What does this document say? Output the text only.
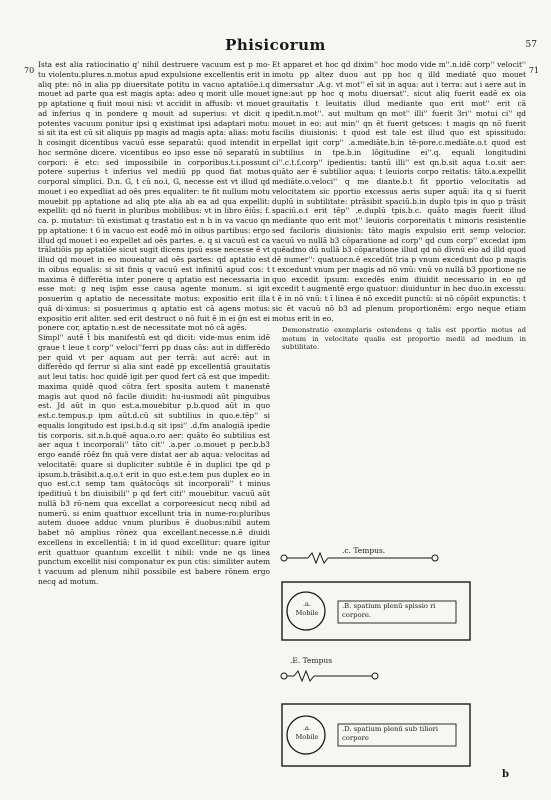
Phisicorum	57
70	71

Ista est alia ratiocinatio q' nihil destruere vacuum est p mo- tu violentu.plures.n.motus apud expulsione excellentis erit in aliq pte: nō in alia pp diuersitate potitu in vacuo aptatiōe.i.q mouet ad parte qua est magis apta: adeo q morit ulle mouet pp aptatione q fiuit moui nisi: vt accidit in affusib: vt mouet ad inferius q in pondere q mouit ad superius: vt dicit q potentes vacuum ponitur ipsi q existimat ipsi adaptari motu: si sit ita est cū sit aliquis pp magis ad magis apta: alias: motu h cosingit dicentibus vacuū esse separatū: quod intendit in hoc sermōne dicere. vicentibus eo ipso esse nō separatū in corpori: ē etc: sed impossibile in corporibus.t.i.possunt potere superius t inferius vel mediū pp quod fiat motus corporal simplici. D.n. G, t cū no.i, G, necesse est vt illud qd mouet i eo expedliat ad oēs pres equaliter: te fit nullum motu mouebit pp aptatione ad aliq pte alia ab ea ad qua expellit: expellit: qd nō fuerit in pluribus mobilibus: vt in libro ēiūs: f. ca. p. mutatur: tū existimat q trastatio est n h in va vacuo qn pp aptatione: t 6 in vacuo est eodē mō in oibus partibus: ergo illud qd mouet i eo expellet ad oēs partes. e. q si vacuū est ca trālatiōis pp aptatiōe sicut sugit dicens ipsū esse necesse ē vt illud qd mouet in eo moueatur ad oēs partes: qd aptatio est in oibus equalis: si sit finis q vacuū est infinitū apud cos: t maxima ē differētia inter ponere q aptatio est necessaria in esse mot: g neq isp̄m esse causa agente monum. si igit posuerim q aptatio de necessitate motus: expositio erit illa quā di-ximus: si posuerimus q aptatio est cā agens motus: expositio erit aliter. sed erit destruct o nō fuit ē in ei ḡn est ei ponere cor, aptatio n.est de necessitate mot nō cā agēs.

Simpl'' autē t̄ bis manifestū est qd dicit: vide-mus enim idē graue t leue t corp'' veloci''ferri pp duas cās: aut in differēdo per quid vt per aquam aut per terrā: aut acrē: aut in differēdo qd ferrur si alia sint eadē pp excellentiā grauitatis aut leui tatis: hoc quidē igit per quod fert cā est que impedit: maxima quidē quod cōtra fert sposita autem t manenstē magis aut quod nō facile diuidit: hu-iusmodi aūt pinguibus est. Jd aūt in quo est.a.mouebitur p.b.quod aūt in quo est.c.tempus.p ipm aūt.d.cū sit subtilius in quo.e.tēp'' si equalis longitudo est ipsi.b.d.q sit ipsi'' .d.fm analogiā ipedie tis corporis. sit.n.b.quē aqua.o.ro aer: quāto ēo subtilius est aer aqua t incorporali'' tāto cit'' .a.per .o.mouet p per.b.b3 ergo eandē rōēz fm quā vere distat aer ab aqua: velocitas ad velocitatē: quare si dupliciter subtile ē in duplici tpe qd p ipsum.b.trāsibit.a.q.o.t erit in quo est.e.tem pus duplex eo in quo est.c.t semp tam quātocūqs sit incorporali'' t minus ipeditiuū t bn diuisibili'' p qd fert citi'' mouebitur. vacuū aūt nullā b3 rō-nem qua excellat a corporeesicut necq nibil ad numerū. si enim quattuor excellunt tria in nume-ro:pluribus autem duoee adduc vnum pluribus ē duobus:nibil autem babet nō amplius rōnez qua excellant.necesse.n.ē diuidi excellens in excellentiā: t in id quod excellitur: quare igitur erit quattuor quantum excellit t nibil: vnde ne qs linea punctum excellit nisi componatur ex pun ctis: similiter autem t vacuum ad plenum nihil possibile est babere rōnem ergo necq ad motum.

Et apparet et hoc qd dixim'' hoc modo vide m''.n.idē corp'' velocit'' imotu pp altez duou aut pp hoc q illd mediatē quo mouet dimersatur .A.g. vt mot'' eī sit in aqua: aut i terra: aut i aere aut in igne:aut pp hoc q motu diuersat''. sicut aliq fuerit eadē ex oia grauitatis t leuitatis illud mediante quo erit mot'' erit cā ipedit.n.mot''. aut multum qn mot'' illi'' fuerit 3ri'' motui ci'' qd mouet in eo: aut min'' qn ēt fuerit getsces: t magis qn nō fuerit facilis diuisionis: t quod est tale est illud quo est spissitudo: erpellat igit corp'' .a.mediāte.b.in tē-pore.c.mediāte.o.t quod est subtilius in tpe.b.in lōgitudine ei''.q. equali longitudini ci''.c.t.f.corp'' ipedientis: tantū illi'' est qn.b.sit aqua t.o.sit aer: quāto aer ē subtilior aqua: t leuioris corpo reitatis: tāto.a.expellit mediāte.o.veloci'' q me diante.b.t fit pportio velocitatis ad velocitatem sic pportio excessus aeris super aquā: ita q si fuerit duplū in subtilitate: ptrāsibit spaciū.b.in duplo tpis in quo p trāsit spaciū.o.t erit tēp'' .e.duplū tpis.b.c. quāto magis fuerit illud mediante quo erit mot'' leuioris corporeitatis t minoris resistentie sed faciloris diuisionis: tāto magis expulsio erit semp velocior. vacuū vo nullā b3 cōparatione ad corp'' qd cum corp'' excedat ipm quēadmo dū nullā b3 cōparatione illud qd nō dīvnū eio ad illd quod dē numer'': quatuor.n.ē excedūt tria p vnum excedunt duo p magis t excedunt vnum per magis ad nō vnū: vnū vo nullā b3 pportione ne quo excedit ipsum: excedēs enim diuidit necessario in eo qd excedit t augmentē ergo quatuor: diuiduntur in hec duo.in excessu: t ē in nō vnū: t ī linea ē nō excedit punctū: si nō cōpōit expunctis: t sic ēt vacuū nō b3 ad plenum proportionēm: ergo neque etiam motus erit in eo.

Demonstratio exemplaris ostendens q talis est pportio motus ad motum in velocitate qualis est proportio medii ad medium in subtilitate.

.c. Tempus.
.a. Mobile
.B. spatium plenū spissio ri corpore.
.E. Tempus
.a. Mobile
.D. spatium plenū sub tiliori corpore
b
